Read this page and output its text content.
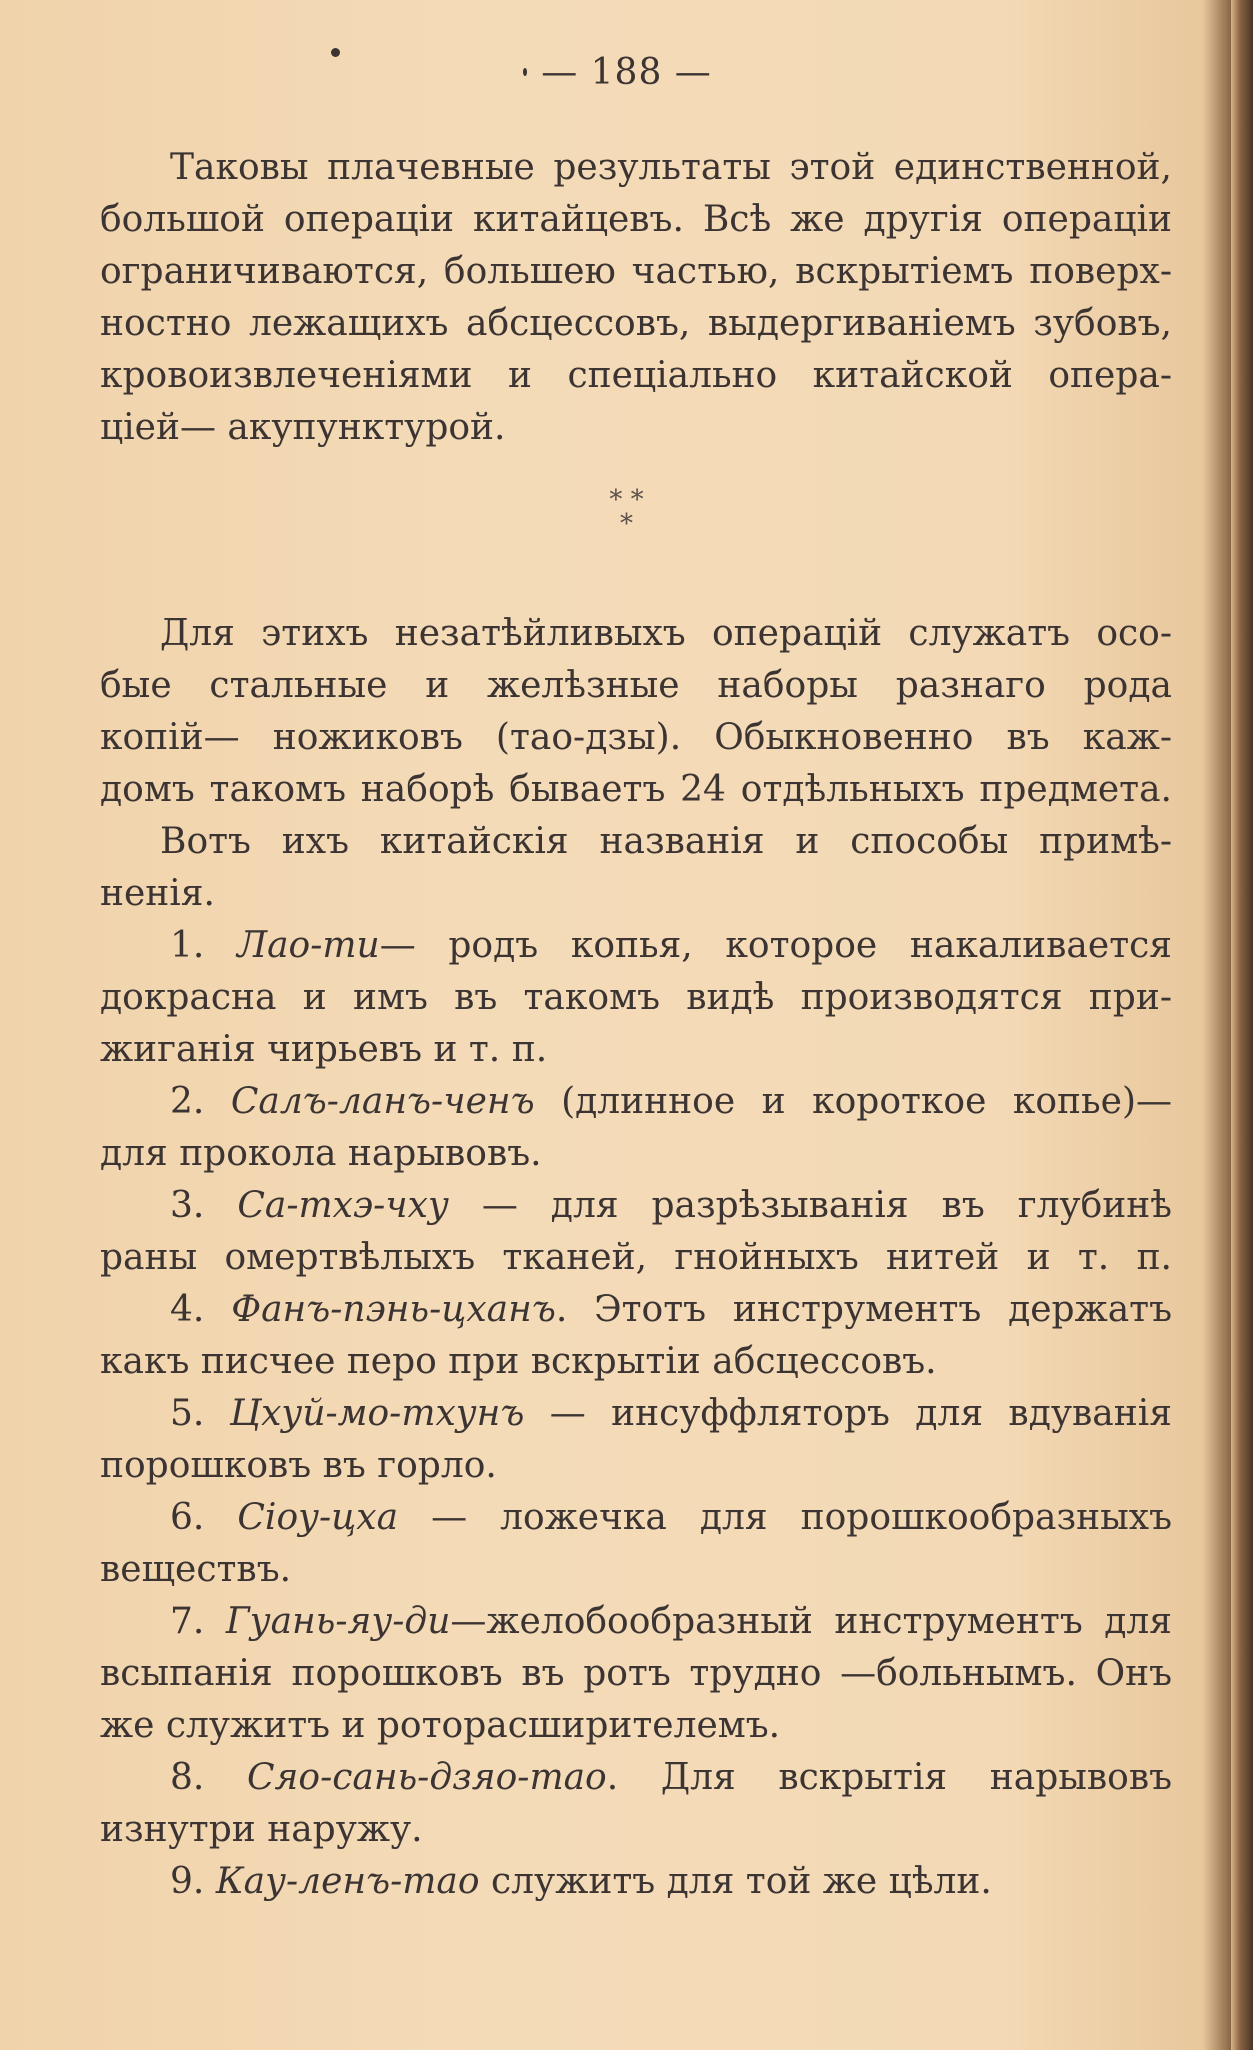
— 188 —
Таковы плачевные результаты этой единственной,
большой операціи китайцевъ. Всѣ же другія операціи
ограничиваются, большею частью, вскрытіемъ поверх-
ностно лежащихъ абсцессовъ, выдергиваніемъ зубовъ,
кровоизвлеченіями и спеціально китайской опера-
ціей— акупунктурой.
* *
*
Для этихъ незатѣйливыхъ операцій служатъ осо-
бые стальные и желѣзные наборы разнаго рода
копій— ножиковъ (тао-дзы). Обыкновенно въ каж-
домъ такомъ наборѣ бываетъ 24 отдѣльныхъ предмета.
Вотъ ихъ китайскія названія и способы примѣ-
ненія.
1. Лао-ти— родъ копья, которое накаливается
докрасна и имъ въ такомъ видѣ производятся при-
жиганія чирьевъ и т. п.
2. Салъ-ланъ-ченъ (длинное и короткое копье)—
для прокола нарывовъ.
3. Са-тхэ-чху — для разрѣзыванія въ глубинѣ
раны омертвѣлыхъ тканей, гнойныхъ нитей и т. п.
4. Фанъ-пэнь-цханъ. Этотъ инструментъ держатъ
какъ писчее перо при вскрытіи абсцессовъ.
5. Цхуй-мо-тхунъ — инсуффляторъ для вдуванія
порошковъ въ горло.
6. Сіоу-цха — ложечка для порошкообразныхъ
веществъ.
7. Гуань-яу-ди—желобообразный инструментъ для
всыпанія порошковъ въ ротъ трудно —больнымъ. Онъ
же служитъ и роторасширителемъ.
8. Сяо-сань-дзяо-тао. Для вскрытія нарывовъ
изнутри наружу.
9. Кау-ленъ-тао служитъ для той же цѣли.
